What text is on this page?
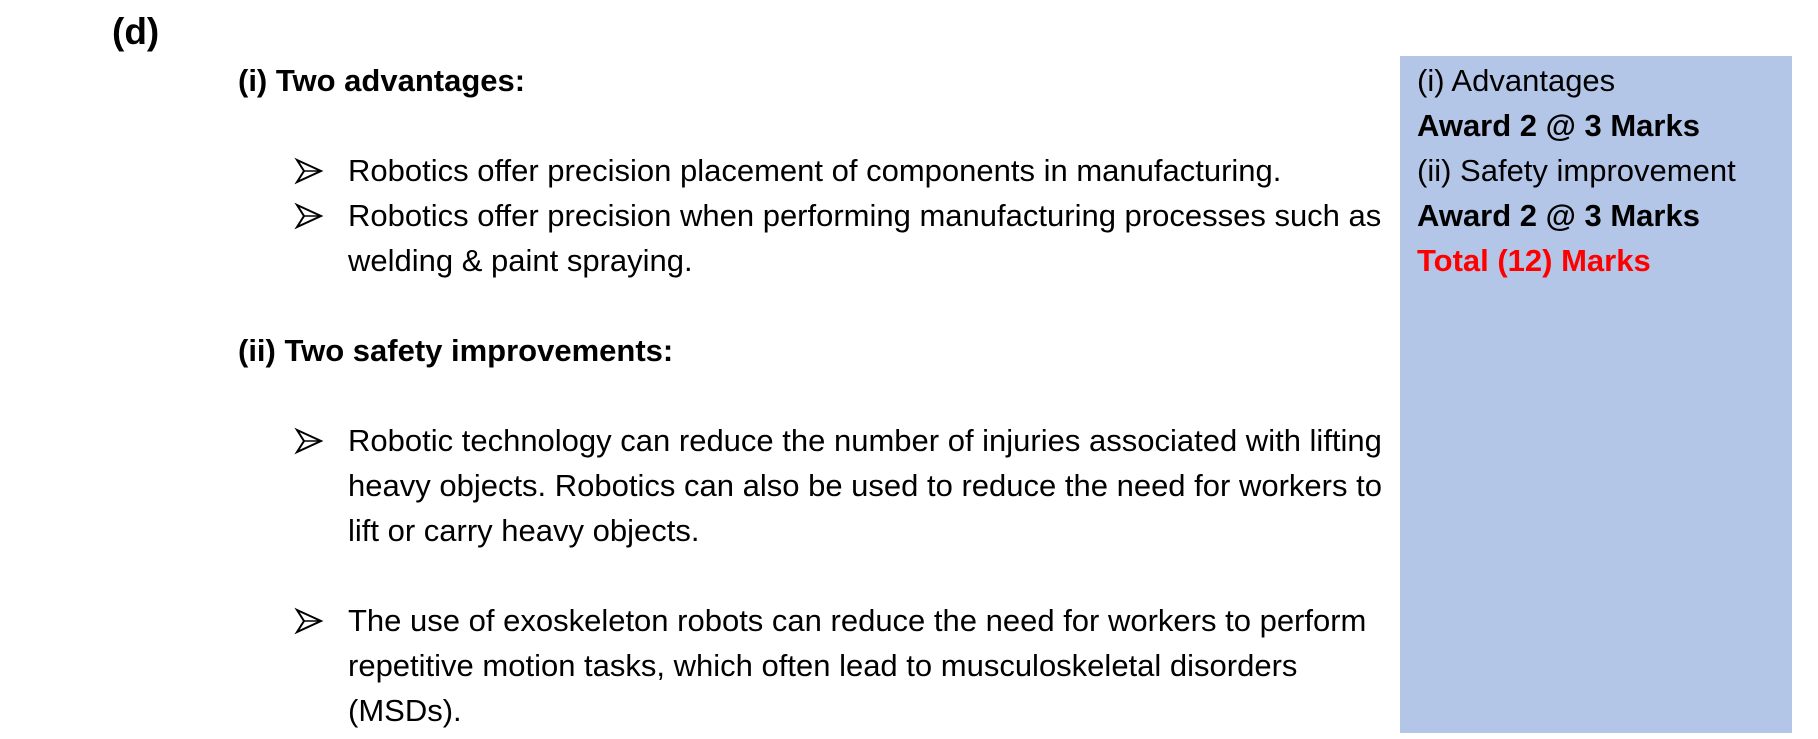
(d)
(i) Two advantages:
Robotics offer precision placement of components in manufacturing.
Robotics offer precision when performing manufacturing processes such as welding & paint spraying.
(ii) Two safety improvements:
Robotic technology can reduce the number of injuries associated with lifting heavy objects. Robotics can also be used to reduce the need for workers to lift or carry heavy objects.
The use of exoskeleton robots can reduce the need for workers to perform repetitive motion tasks, which often lead to musculoskeletal disorders (MSDs).
(i) Advantages
Award 2 @ 3 Marks
(ii) Safety improvement
Award 2 @ 3 Marks
Total (12) Marks
